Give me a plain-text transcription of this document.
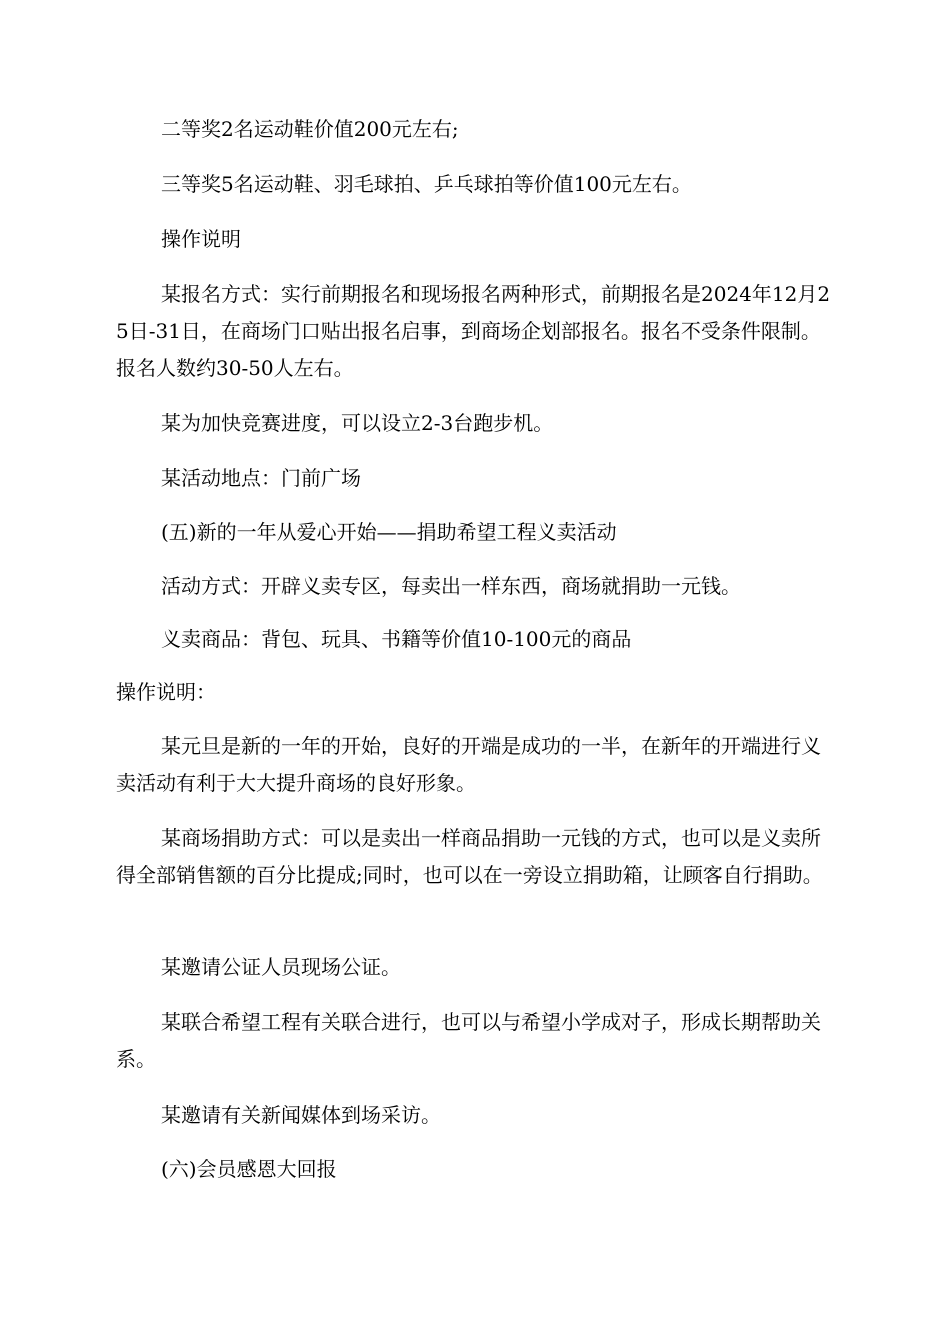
二等奖2名运动鞋价值200元左右;

三等奖5名运动鞋、羽毛球拍、乒乓球拍等价值100元左右。

操作说明

某报名方式：实行前期报名和现场报名两种形式，前期报名是2024年12月25日-31日，在商场门口贴出报名启事，到商场企划部报名。报名不受条件限制。报名人数约30-50人左右。

某为加快竞赛进度，可以设立2-3台跑步机。

某活动地点：门前广场

(五)新的一年从爱心开始——捐助希望工程义卖活动

活动方式：开辟义卖专区，每卖出一样东西，商场就捐助一元钱。

义卖商品：背包、玩具、书籍等价值10-100元的商品

操作说明：

某元旦是新的一年的开始，良好的开端是成功的一半，在新年的开端进行义卖活动有利于大大提升商场的良好形象。

某商场捐助方式：可以是卖出一样商品捐助一元钱的方式，也可以是义卖所得全部销售额的百分比提成;同时，也可以在一旁设立捐助箱，让顾客自行捐助。

某邀请公证人员现场公证。

某联合希望工程有关联合进行，也可以与希望小学成对子，形成长期帮助关系。

某邀请有关新闻媒体到场采访。

(六)会员感恩大回报
